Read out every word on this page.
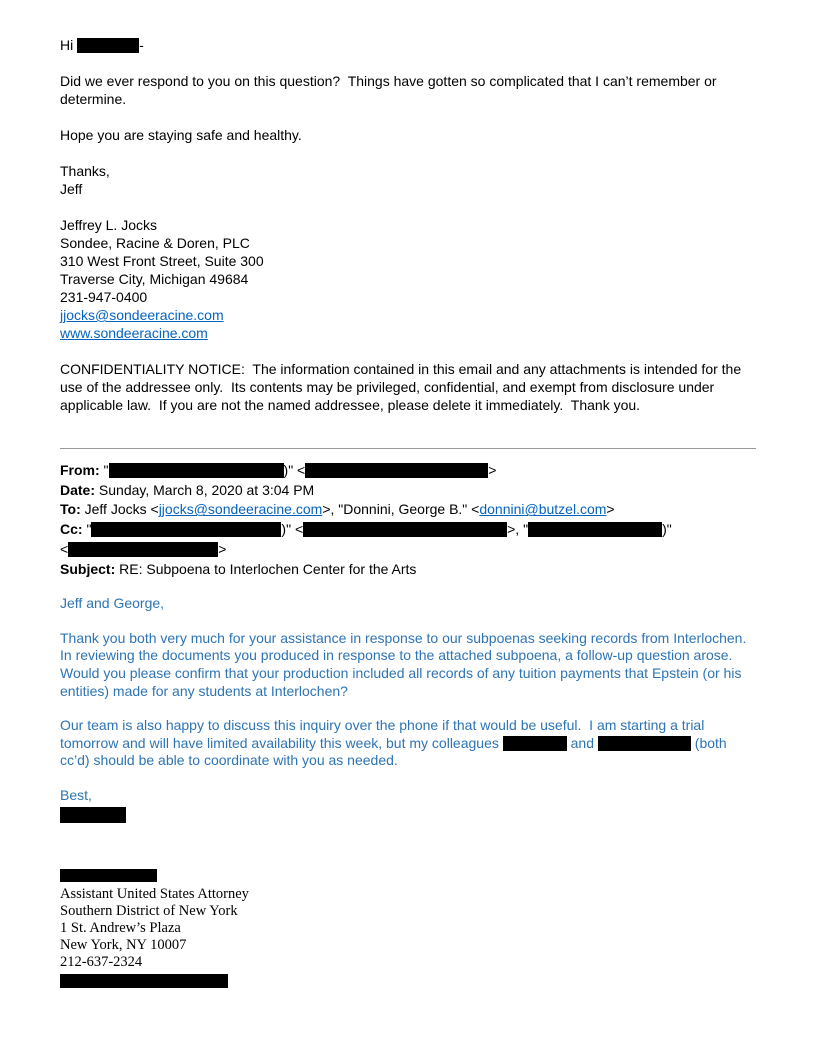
Hi	-

Did we ever respond to you on this question?  Things have gotten so complicated that I can’t remember or determine.

Hope you are staying safe and healthy.

Thanks,

Jeff

Jeffrey L. Jocks

Sondee, Racine & Doren, PLC

310 West Front Street, Suite 300

Traverse City, Michigan 49684

231-947-0400

jjocks@sondeeracine.com

www.sondeeracine.com

CONFIDENTIALITY NOTICE:  The information contained in this email and any attachments is intended for the use of the addressee only.  Its contents may be privileged, confidential, and exempt from disclosure under applicable law.  If you are not the named addressee, please delete it immediately.  Thank you.

From: "	)" <	>

Date: Sunday, March 8, 2020 at 3:04 PM

To: Jeff Jocks <jjocks@sondeeracine.com>, "Donnini, George B." <donnini@butzel.com>

Cc: "	)" <	>, "	)"

<	>

Subject: RE: Subpoena to Interlochen Center for the Arts

Jeff and George,

Thank you both very much for your assistance in response to our subpoenas seeking records from Interlochen.  In reviewing the documents you produced in response to the attached subpoena, a follow-up question arose.  Would you please confirm that your production included all records of any tuition payments that Epstein (or his entities) made for any students at Interlochen?

Our team is also happy to discuss this inquiry over the phone if that would be useful.  I am starting a trial tomorrow and will have limited availability this week, but my colleagues	and	(both cc’d) should be able to coordinate with you as needed.

Best,

Assistant United States Attorney

Southern District of New York

1 St. Andrew’s Plaza

New York, NY 10007

212-637-2324
